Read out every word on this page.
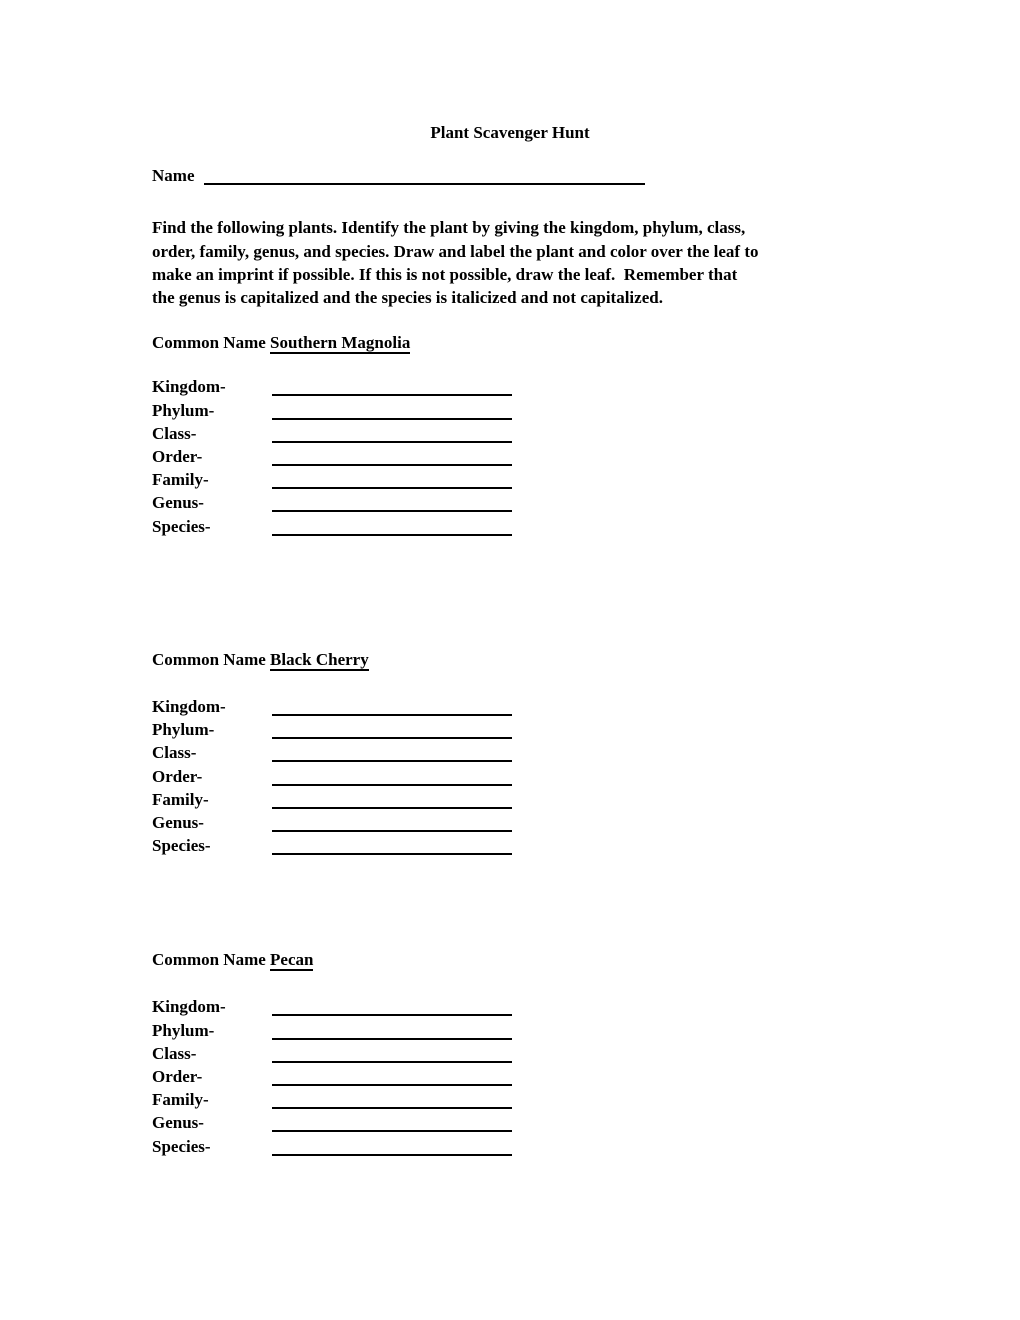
Plant Scavenger Hunt
Name
Find the following plants. Identify the plant by giving the kingdom, phylum, class,
order, family, genus, and species. Draw and label the plant and color over the leaf to
make an imprint if possible. If this is not possible, draw the leaf.  Remember that
the genus is capitalized and the species is italicized and not capitalized.
Common Name Southern Magnolia
Kingdom-
Phylum-
Class-
Order-
Family-
Genus-
Species-
Common Name Black Cherry
Kingdom-
Phylum-
Class-
Order-
Family-
Genus-
Species-
Common Name Pecan
Kingdom-
Phylum-
Class-
Order-
Family-
Genus-
Species-
